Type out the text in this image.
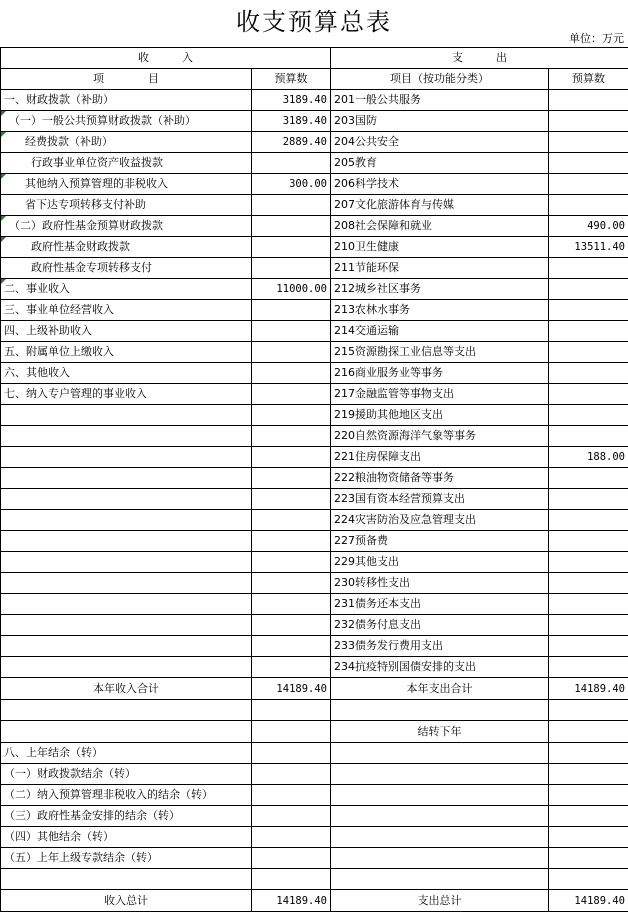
收支预算总表
单位：万元
收　　　入		支　　　出	
项　　　　目	预算数	项目（按功能分类）	预算数
一、财政拨款（补助）	3189.40	201一般公共服务	
（一）一般公共预算财政拨款（补助）	3189.40	203国防	
经费拨款（补助）	2889.40	204公共安全	
行政事业单位资产收益拨款		205教育	
其他纳入预算管理的非税收入	300.00	206科学技术	
省下达专项转移支付补助		207文化旅游体育与传媒	
（二）政府性基金预算财政拨款		208社会保障和就业	490.00
政府性基金财政拨款		210卫生健康	13511.40
政府性基金专项转移支付		211节能环保	
二、事业收入	11000.00	212城乡社区事务	
三、事业单位经营收入		213农林水事务	
四、上级补助收入		214交通运输	
五、附属单位上缴收入		215资源勘探工业信息等支出	
六、其他收入		216商业服务业等事务	
七、纳入专户管理的事业收入		217金融监管等事物支出	
		219援助其他地区支出	
		220自然资源海洋气象等事务	
		221住房保障支出	188.00
		222粮油物资储备等事务	
		223国有资本经营预算支出	
		224灾害防治及应急管理支出	
		227预备费	
		229其他支出	
		230转移性支出	
		231债务还本支出	
		232债务付息支出	
		233债务发行费用支出	
		234抗疫特别国债安排的支出	
本年收入合计	14189.40	本年支出合计	14189.40

		结转下年	
八、上年结余（转）			
（一）财政拨款结余（转）			
（二）纳入预算管理非税收入的结余（转）			
（三）政府性基金安排的结余（转）			
（四）其他结余（转）			
（五）上年上级专款结余（转）			

收入总计	14189.40	支出总计	14189.40
